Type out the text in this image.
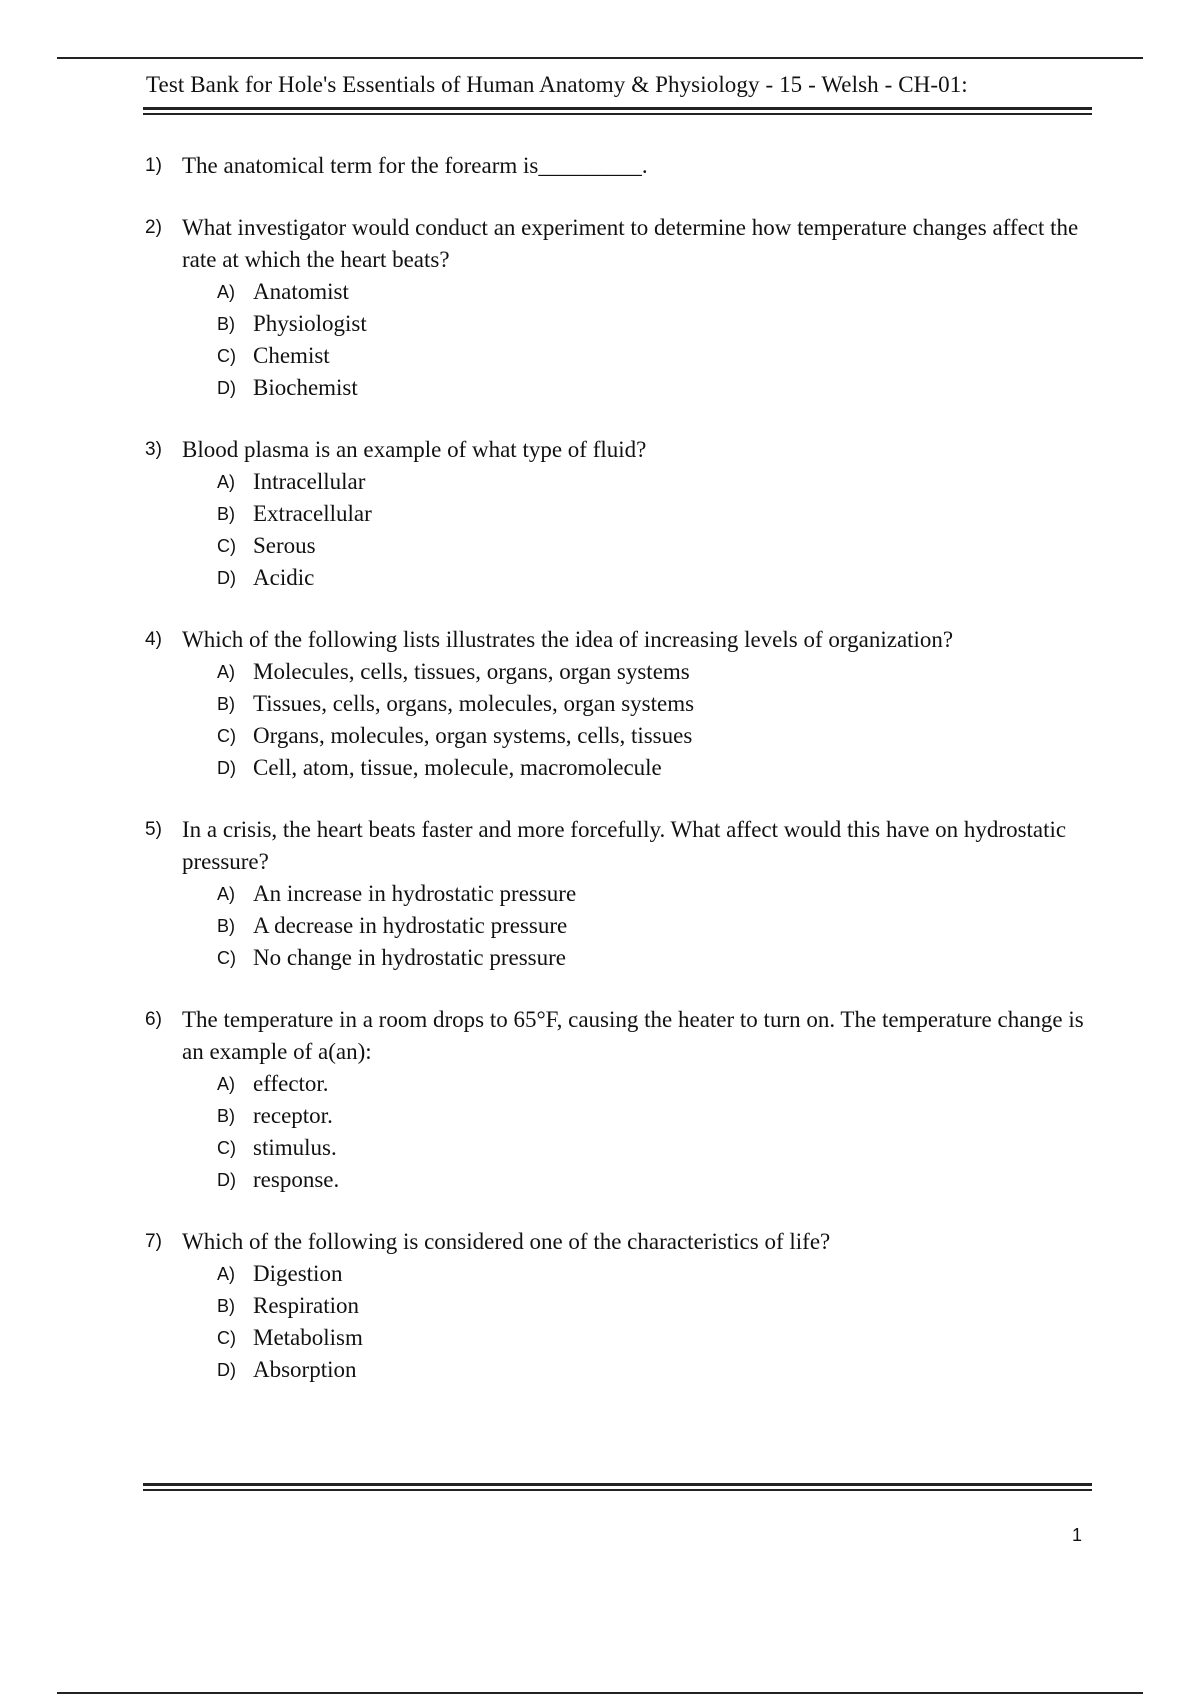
Test Bank for Hole's Essentials of Human Anatomy & Physiology - 15 - Welsh - CH-01:
1) The anatomical term for the forearm is_________.
2) What investigator would conduct an experiment to determine how temperature changes affect the rate at which the heart beats?
A) Anatomist
B) Physiologist
C) Chemist
D) Biochemist
3) Blood plasma is an example of what type of fluid?
A) Intracellular
B) Extracellular
C) Serous
D) Acidic
4) Which of the following lists illustrates the idea of increasing levels of organization?
A) Molecules, cells, tissues, organs, organ systems
B) Tissues, cells, organs, molecules, organ systems
C) Organs, molecules, organ systems, cells, tissues
D) Cell, atom, tissue, molecule, macromolecule
5) In a crisis, the heart beats faster and more forcefully. What affect would this have on hydrostatic pressure?
A) An increase in hydrostatic pressure
B) A decrease in hydrostatic pressure
C) No change in hydrostatic pressure
6) The temperature in a room drops to 65°F, causing the heater to turn on. The temperature change is an example of a(an):
A) effector.
B) receptor.
C) stimulus.
D) response.
7) Which of the following is considered one of the characteristics of life?
A) Digestion
B) Respiration
C) Metabolism
D) Absorption
1
